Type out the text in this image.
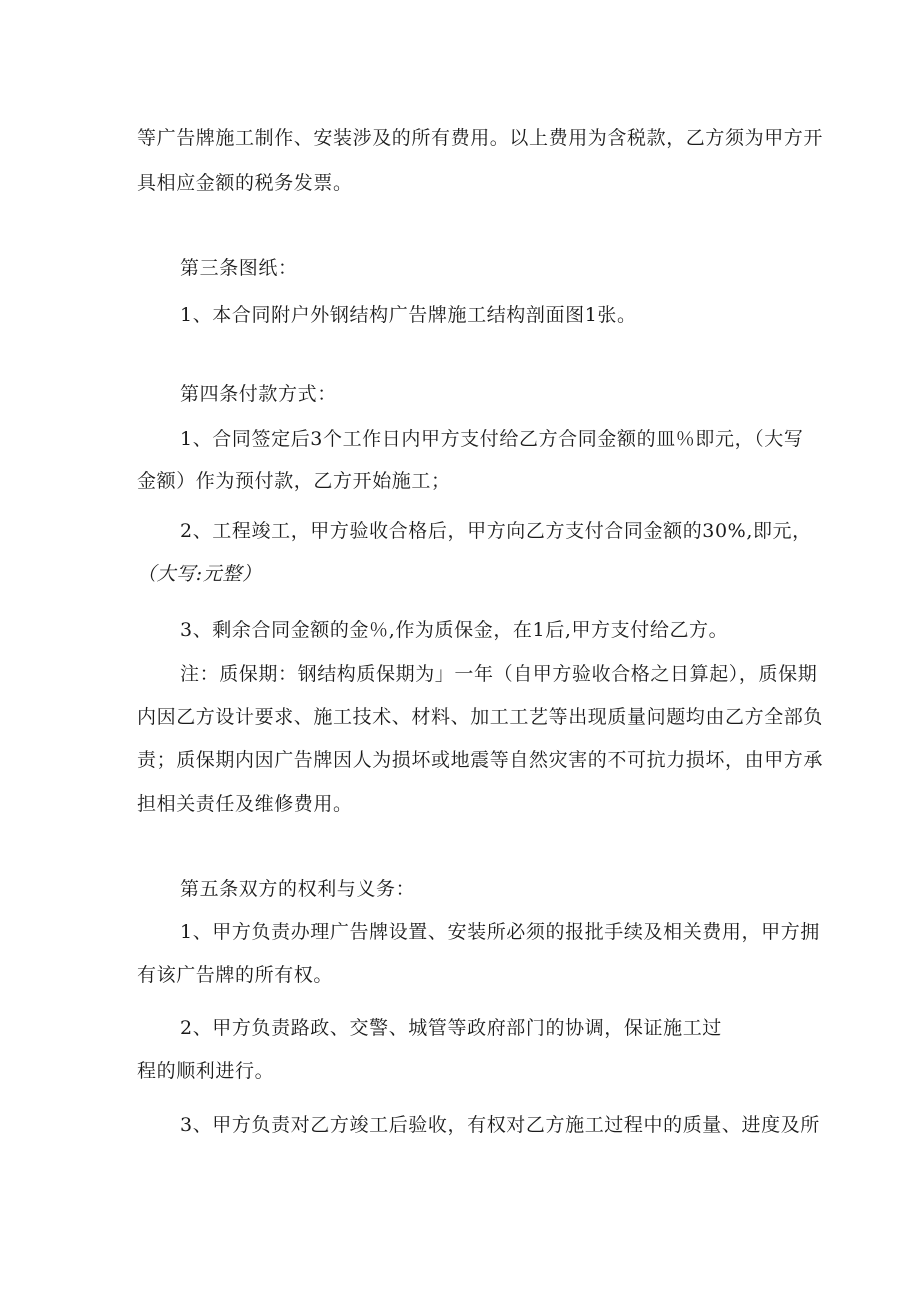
等广告牌施工制作、安装涉及的所有费用。以上费用为含税款，乙方须为甲方开
具相应金额的税务发票。
第三条图纸：
1、本合同附户外钢结构广告牌施工结构剖面图1张。
第四条付款方式：
1、合同签定后3个工作日内甲方支付给乙方合同金额的皿％即元，（大写
金额）作为预付款，乙方开始施工；
2、工程竣工，甲方验收合格后，甲方向乙方支付合同金额的30%,即元，
（大写:元整）
3、剩余合同金额的金％,作为质保金，在1后,甲方支付给乙方。
注：质保期：钢结构质保期为」一年（自甲方验收合格之日算起），质保期
内因乙方设计要求、施工技术、材料、加工工艺等出现质量问题均由乙方全部负
责；质保期内因广告牌因人为损坏或地震等自然灾害的不可抗力损坏，由甲方承
担相关责任及维修费用。
第五条双方的权利与义务：
1、甲方负责办理广告牌设置、安装所必须的报批手续及相关费用，甲方拥
有该广告牌的所有权。
2、甲方负责路政、交警、城管等政府部门的协调，保证施工过
程的顺利进行。
3、甲方负责对乙方竣工后验收，有权对乙方施工过程中的质量、进度及所
